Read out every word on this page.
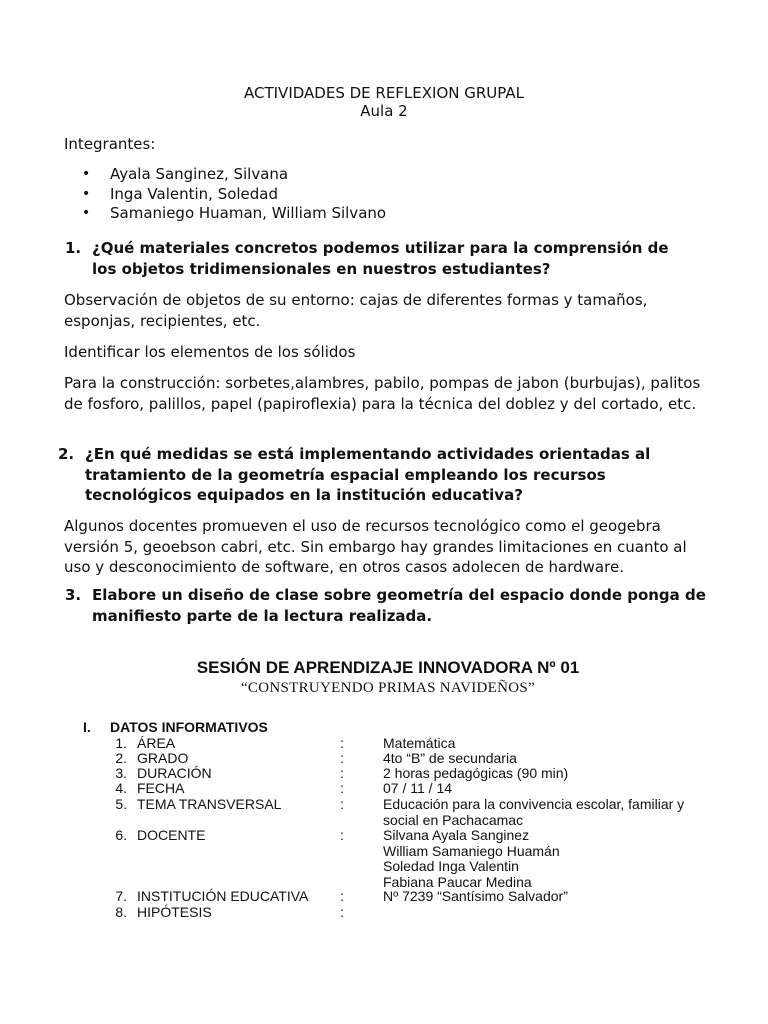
ACTIVIDADES DE REFLEXION GRUPAL
Aula 2
Integrantes:
• Ayala Sanginez, Silvana
• Inga Valentin, Soledad
• Samaniego Huaman, William Silvano
1. ¿Qué materiales concretos podemos utilizar para la comprensión de los objetos tridimensionales en nuestros estudiantes?
Observación de objetos de su entorno: cajas de diferentes formas y tamaños, esponjas, recipientes, etc.
Identificar los elementos de los sólidos
Para la construcción: sorbetes,alambres, pabilo, pompas de jabon (burbujas), palitos de fosforo, palillos, papel (papiroflexia) para la técnica del doblez y del cortado, etc.
2. ¿En qué medidas se está implementando actividades orientadas al tratamiento de la geometría espacial empleando los recursos tecnológicos equipados en la institución educativa?
Algunos docentes promueven el uso de recursos tecnológico como el geogebra versión 5, geoebson cabri, etc. Sin embargo hay grandes limitaciones en cuanto al uso y desconocimiento de software, en otros casos adolecen de hardware.
3. Elabore un diseño de clase sobre geometría del espacio donde ponga de manifiesto parte de la lectura realizada.
SESIÓN DE APRENDIZAJE INNOVADORA Nº 01
“CONSTRUYENDO PRIMAS NAVIDEÑOS”
I. DATOS INFORMATIVOS
1. ÁREA	:	Matemática
2. GRADO	:	4to “B” de secundaria
3. DURACIÓN	:	2 horas pedagógicas (90 min)
4. FECHA	:	07 / 11 / 14
5. TEMA TRANSVERSAL	:	Educación para la convivencia escolar, familiar y
social en Pachacamac
6. DOCENTE	:	Silvana Ayala Sanginez
William Samaniego Huamán
Soledad Inga Valentin
Fabiana Paucar Medina
7. INSTITUCIÓN EDUCATIVA :	Nº 7239 “Santísimo Salvador”
8. HIPÓTESIS	:
